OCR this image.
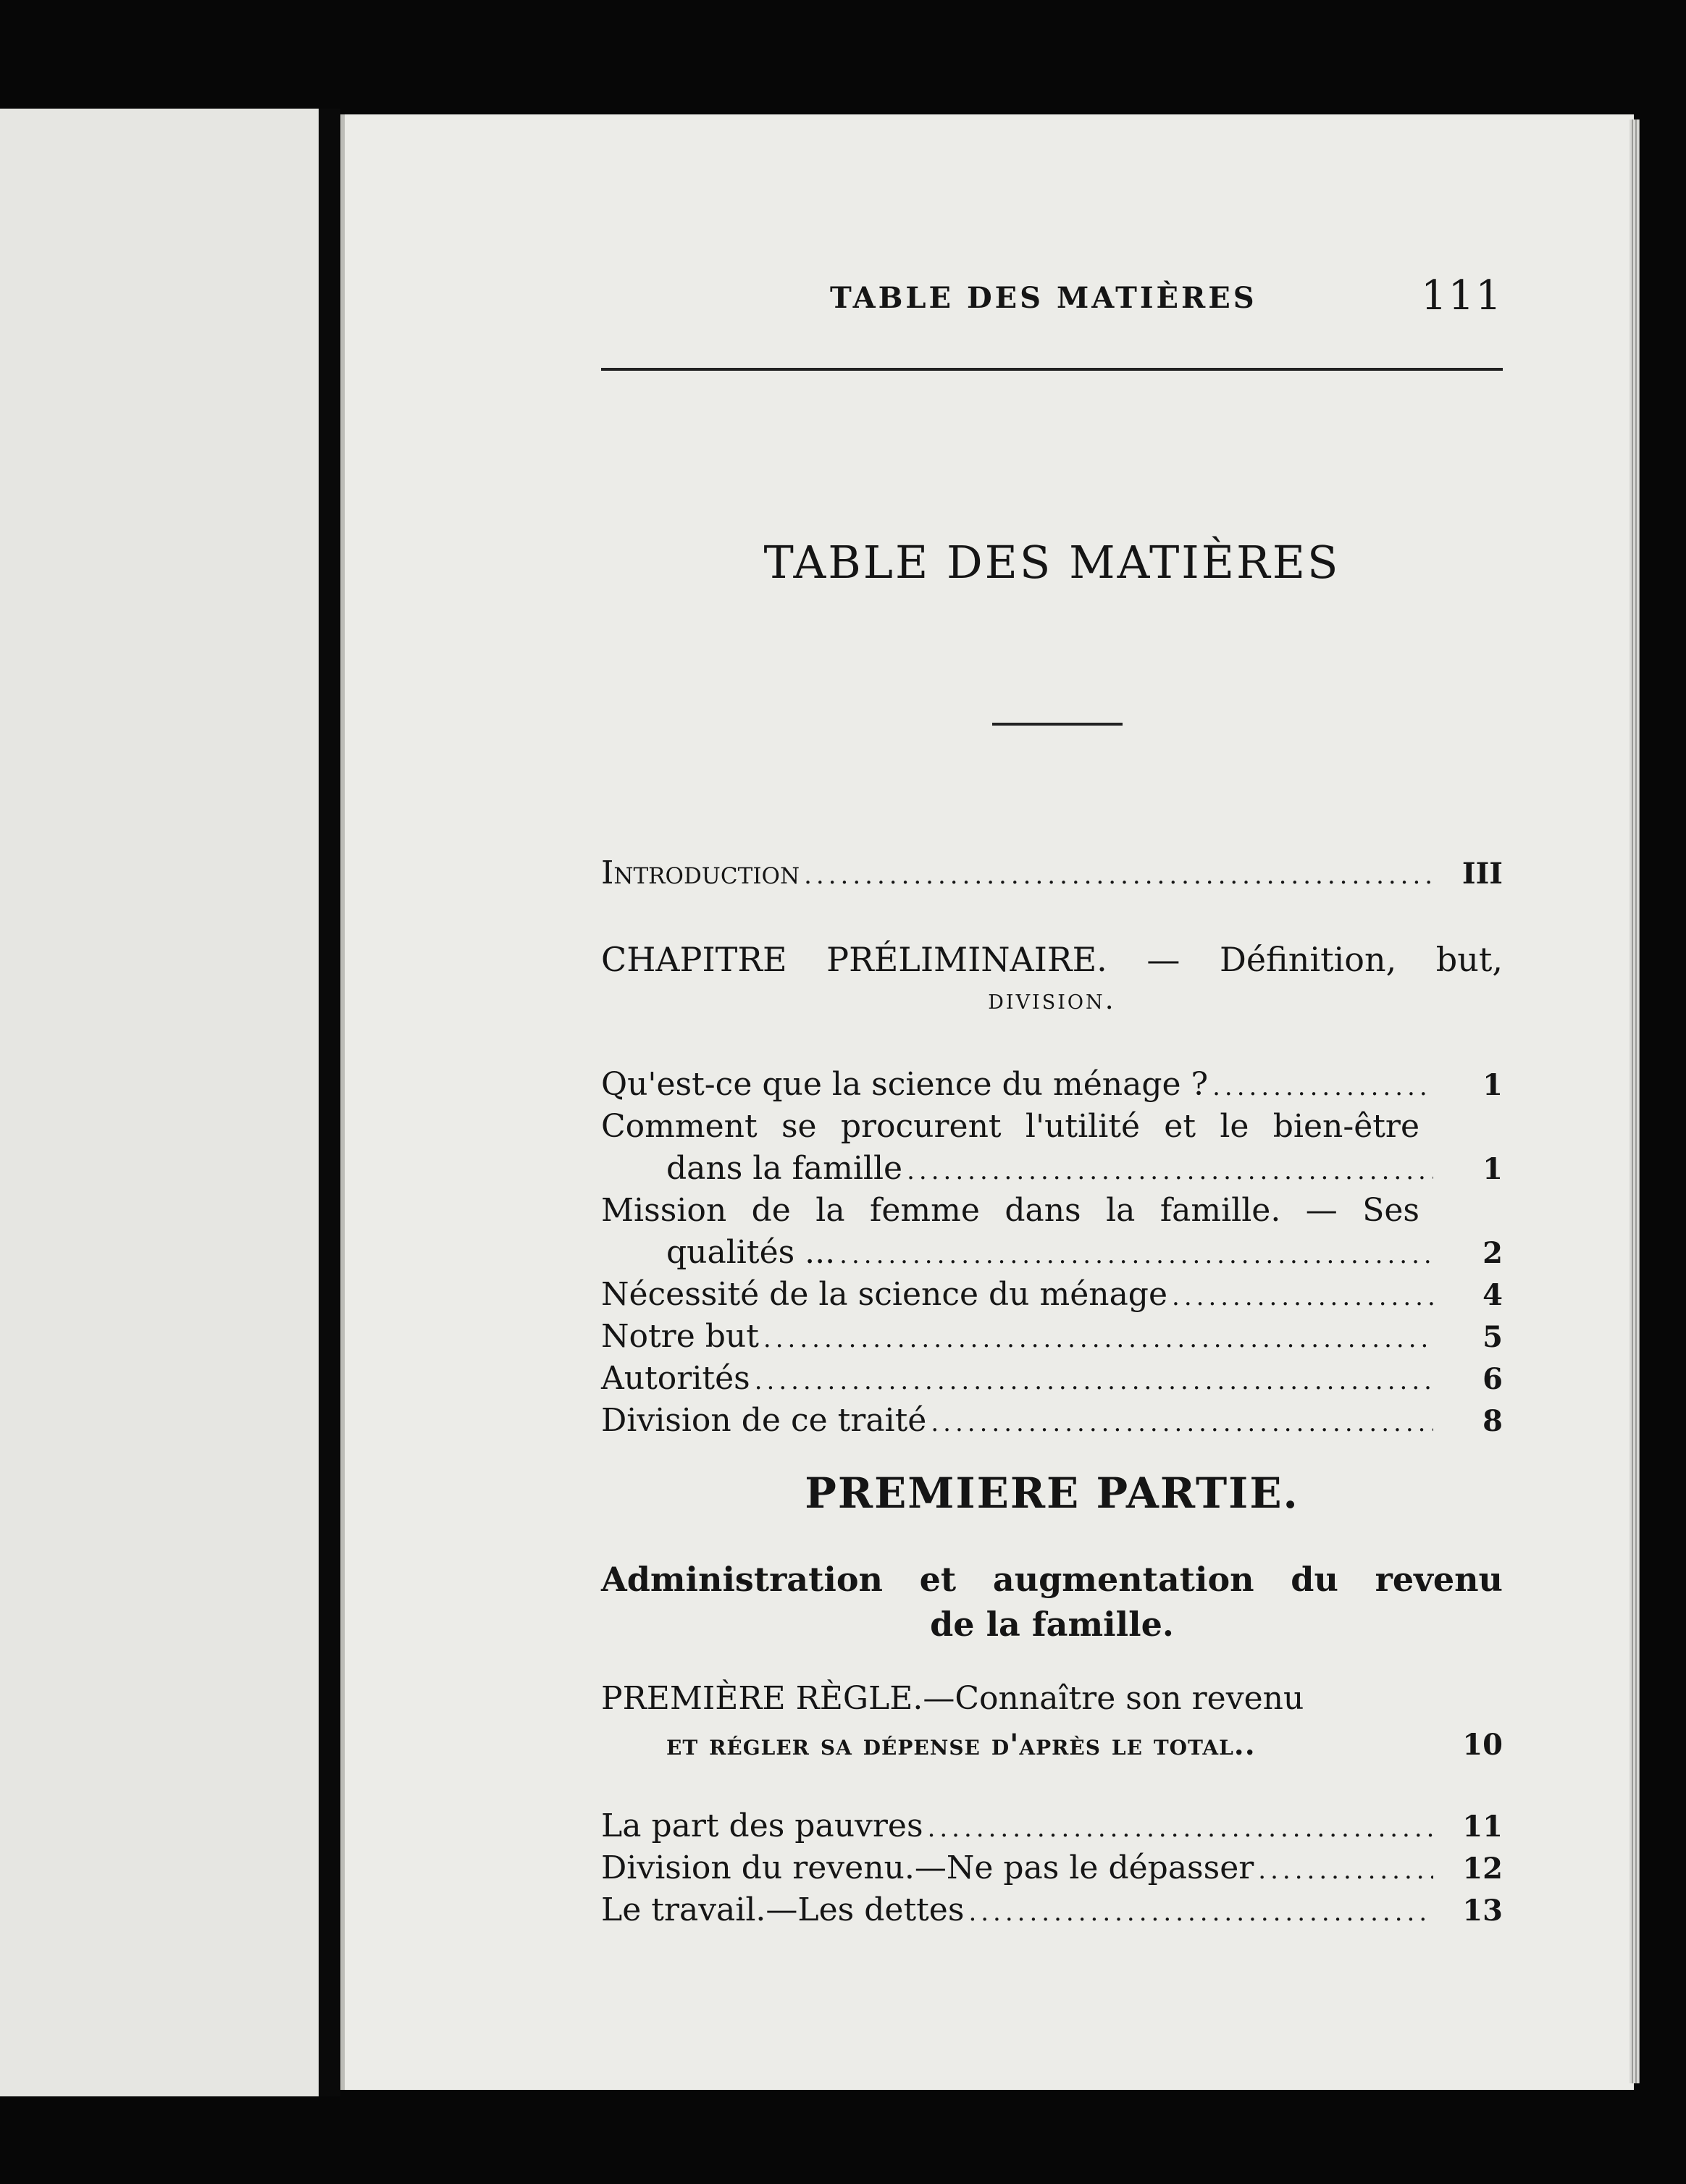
TABLE DES MATIÈRES	111
TABLE DES MATIÈRES
Introduction .....	III
CHAPITRE PRÉLIMINAIRE. — Définition, but,
division.
Qu'est-ce que la science du ménage ? .....	1
Comment se procurent l'utilité et le bien-être
dans la famille .....	1
Mission de la femme dans la famille. — Ses
qualités ... .....	2
Nécessité de la science du ménage .....	4
Notre but .....	5
Autorités .....	6
Division de ce traité .....	8
PREMIERE PARTIE.
Administration et augmentation du revenu
de la famille.
PREMIÈRE RÈGLE.—Connaître son revenu
et régler sa dépense d'après le total..	10
La part des pauvres .....	11
Division du revenu.—Ne pas le dépasser .....	12
Le travail.—Les dettes .....	13
